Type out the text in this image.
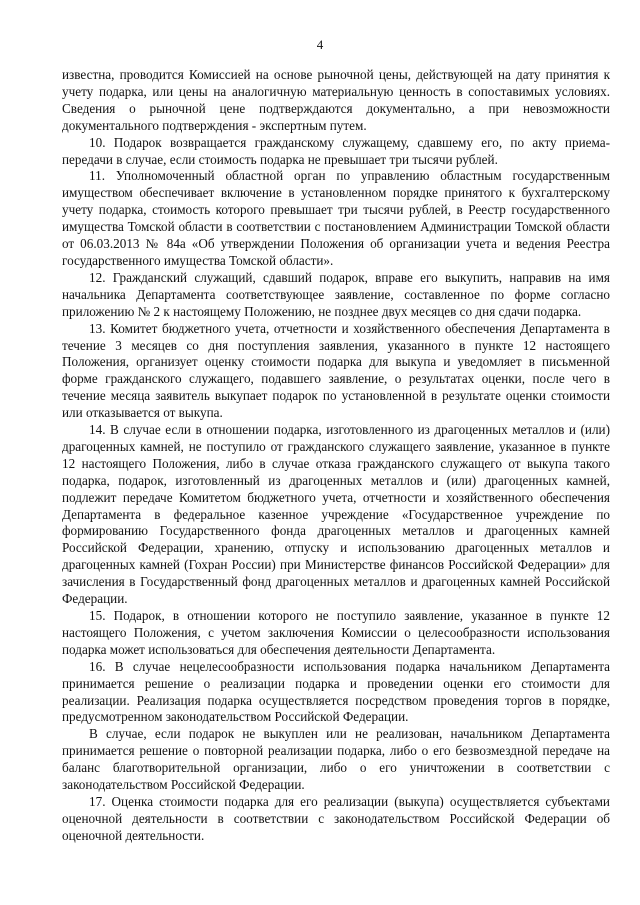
4

известна, проводится Комиссией на основе рыночной цены, действующей на дату принятия к учету подарка, или цены на аналогичную материальную ценность в сопоставимых условиях. Сведения о рыночной цене подтверждаются документально, а при невозможности документального подтверждения - экспертным путем.

10. Подарок возвращается гражданскому служащему, сдавшему его, по акту приема-передачи в случае, если стоимость подарка не превышает три тысячи рублей.

11. Уполномоченный областной орган по управлению областным государственным имуществом обеспечивает включение в установленном порядке принятого к бухгалтерскому учету подарка, стоимость которого превышает три тысячи рублей, в Реестр государственного имущества Томской области в соответствии с постановлением Администрации Томской области от 06.03.2013 № 84а «Об утверждении Положения об организации учета и ведения Реестра государственного имущества Томской области».

12. Гражданский служащий, сдавший подарок, вправе его выкупить, направив на имя начальника Департамента соответствующее заявление, составленное по форме согласно приложению № 2 к настоящему Положению, не позднее двух месяцев со дня сдачи подарка.

13. Комитет бюджетного учета, отчетности и хозяйственного обеспечения Департамента в течение 3 месяцев со дня поступления заявления, указанного в пункте 12 настоящего Положения, организует оценку стоимости подарка для выкупа и уведомляет в письменной форме гражданского служащего, подавшего заявление, о результатах оценки, после чего в течение месяца заявитель выкупает подарок по установленной в результате оценки стоимости или отказывается от выкупа.

14. В случае если в отношении подарка, изготовленного из драгоценных металлов и (или) драгоценных камней, не поступило от гражданского служащего заявление, указанное в пункте 12 настоящего Положения, либо в случае отказа гражданского служащего от выкупа такого подарка, подарок, изготовленный из драгоценных металлов и (или) драгоценных камней, подлежит передаче Комитетом бюджетного учета, отчетности и хозяйственного обеспечения Департамента в федеральное казенное учреждение «Государственное учреждение по формированию Государственного фонда драгоценных металлов и драгоценных камней Российской Федерации, хранению, отпуску и использованию драгоценных металлов и драгоценных камней (Гохран России) при Министерстве финансов Российской Федерации» для зачисления в Государственный фонд драгоценных металлов и драгоценных камней Российской Федерации.

15. Подарок, в отношении которого не поступило заявление, указанное в пункте 12 настоящего Положения, с учетом заключения Комиссии о целесообразности использования подарка может использоваться для обеспечения деятельности Департамента.

16. В случае нецелесообразности использования подарка начальником Департамента принимается решение о реализации подарка и проведении оценки его стоимости для реализации. Реализация подарка осуществляется посредством проведения торгов в порядке, предусмотренном законодательством Российской Федерации.

В случае, если подарок не выкуплен или не реализован, начальником Департамента принимается решение о повторной реализации подарка, либо о его безвозмездной передаче на баланс благотворительной организации, либо о его уничтожении в соответствии с законодательством Российской Федерации.

17. Оценка стоимости подарка для его реализации (выкупа) осуществляется субъектами оценочной деятельности в соответствии с законодательством Российской Федерации об оценочной деятельности.
